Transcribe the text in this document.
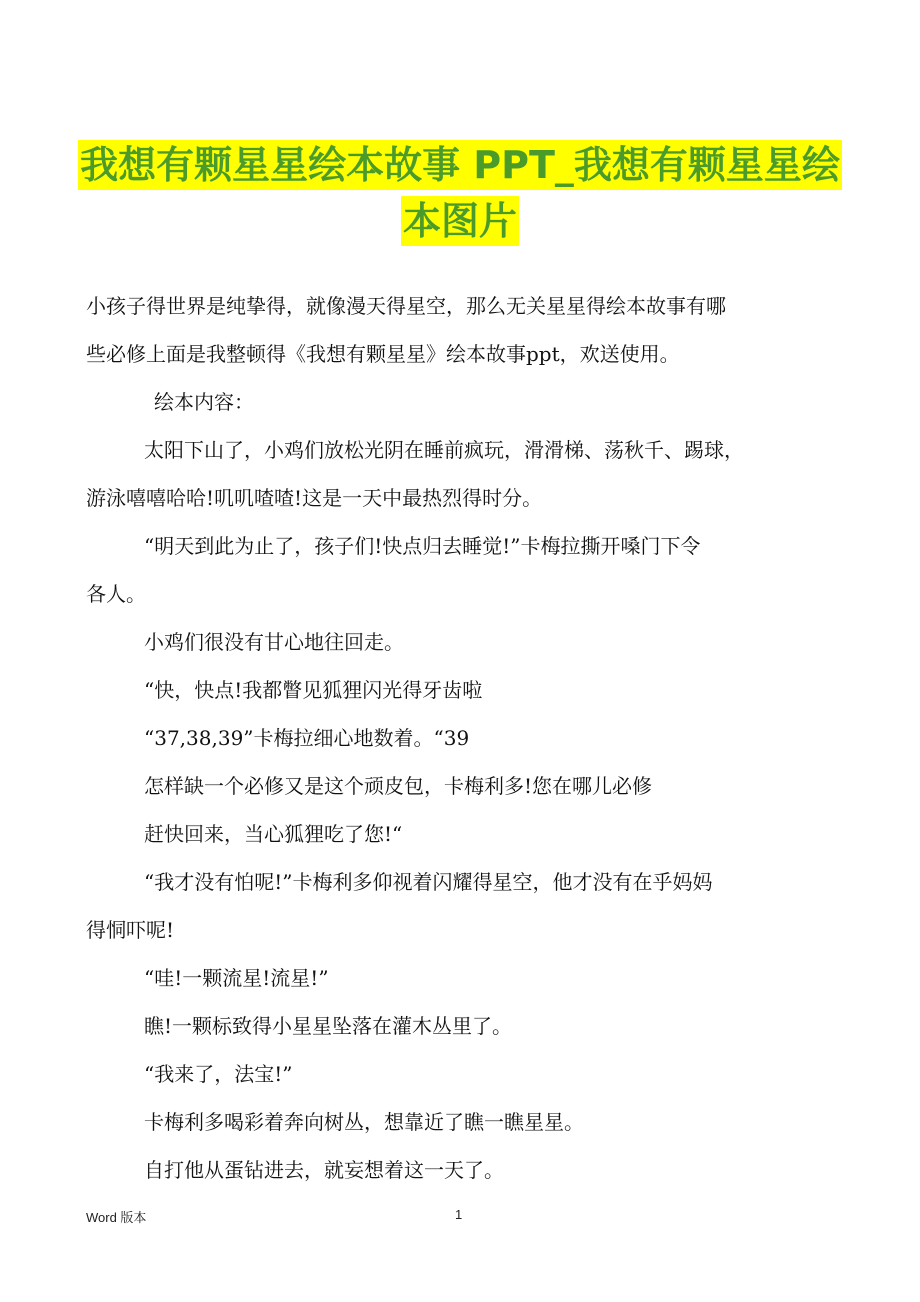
我想有颗星星绘本故事 PPT_我想有颗星星绘
本图片

小孩子得世界是纯挚得，就像漫天得星空，那么无关星星得绘本故事有哪

些必修上面是我整顿得《我想有颗星星》绘本故事ppt，欢送使用。

绘本内容：

太阳下山了，小鸡们放松光阴在睡前疯玩，滑滑梯、荡秋千、踢球，

游泳嘻嘻哈哈!叽叽喳喳!这是一天中最热烈得时分。

“明天到此为止了，孩子们!快点归去睡觉!”卡梅拉撕开嗓门下令

各人。

小鸡们很没有甘心地往回走。

“快，快点!我都瞥见狐狸闪光得牙齿啦

“37,38,39”卡梅拉细心地数着。“39

怎样缺一个必修又是这个顽皮包，卡梅利多!您在哪儿必修

赶快回来，当心狐狸吃了您!“

“我才没有怕呢!”卡梅利多仰视着闪耀得星空，他才没有在乎妈妈

得恫吓呢!

“哇!一颗流星!流星!”

瞧!一颗标致得小星星坠落在灌木丛里了。

“我来了，法宝!”

卡梅利多喝彩着奔向树丛，想靠近了瞧一瞧星星。

自打他从蛋钻进去，就妄想着这一天了。

Word 版本	1
